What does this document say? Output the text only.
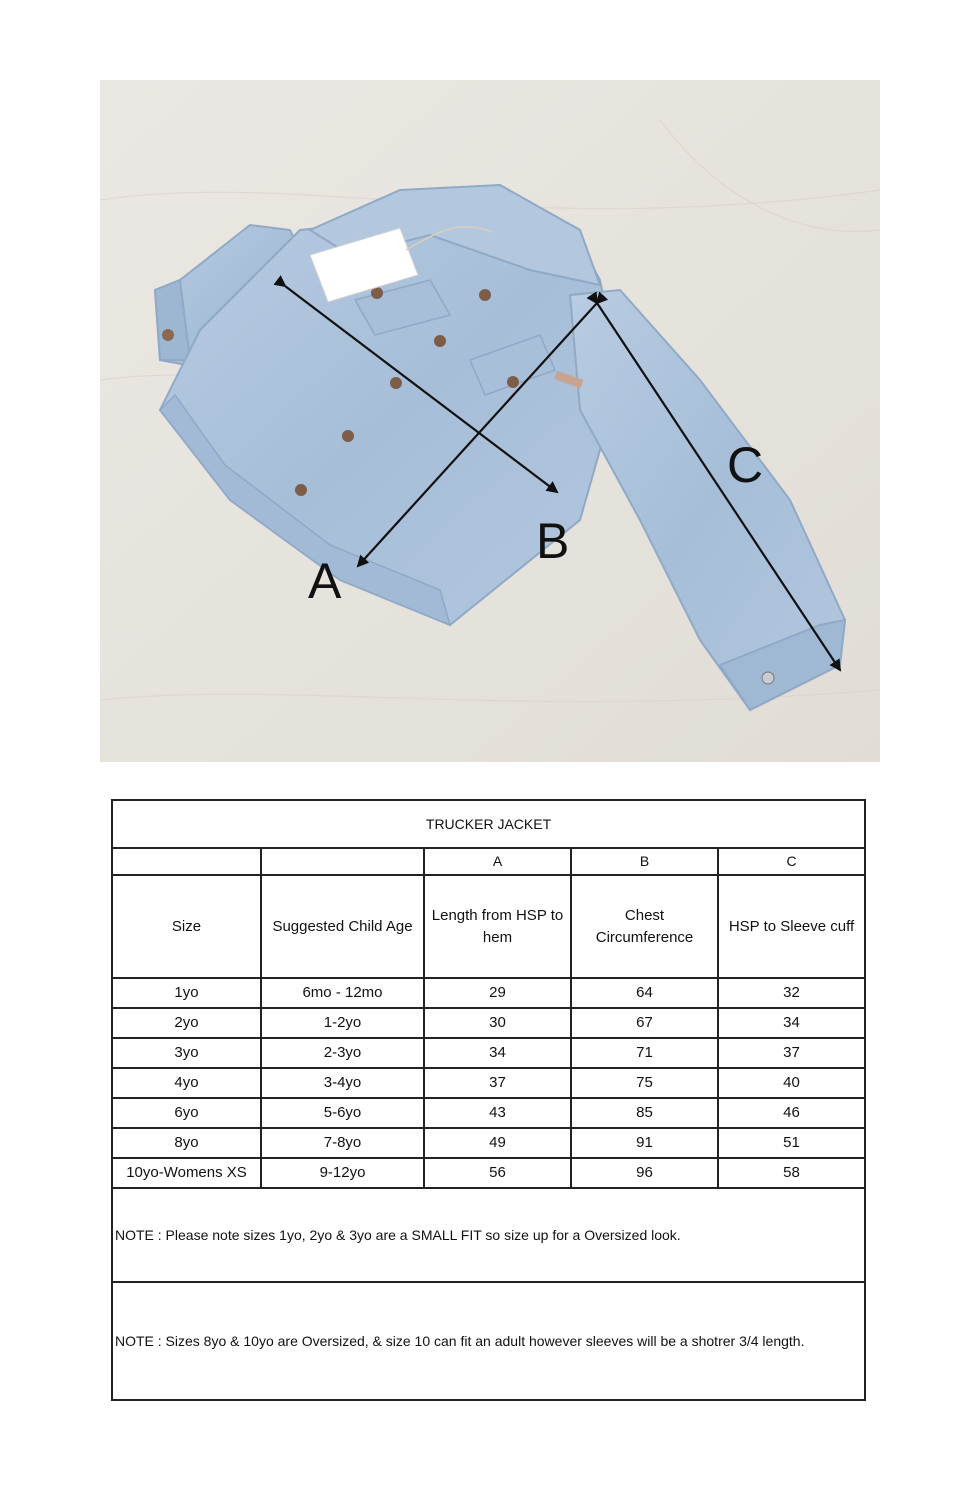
A
B
C
TRUCKER JACKET				
		A	B	C
Size	Suggested Child Age	Length from HSP to hem	Chest Circumference	HSP to Sleeve cuff
1yo	6mo - 12mo	29	64	32
2yo	1-2yo	30	67	34
3yo	2-3yo	34	71	37
4yo	3-4yo	37	75	40
6yo	5-6yo	43	85	46
8yo	7-8yo	49	91	51
10yo-Womens XS	9-12yo	56	96	58
NOTE : Please note sizes 1yo, 2yo & 3yo are a SMALL FIT so size up for a Oversized look.				
NOTE : Sizes 8yo & 10yo are Oversized, & size 10 can fit an adult however sleeves will be a shotrer 3/4 length.				
